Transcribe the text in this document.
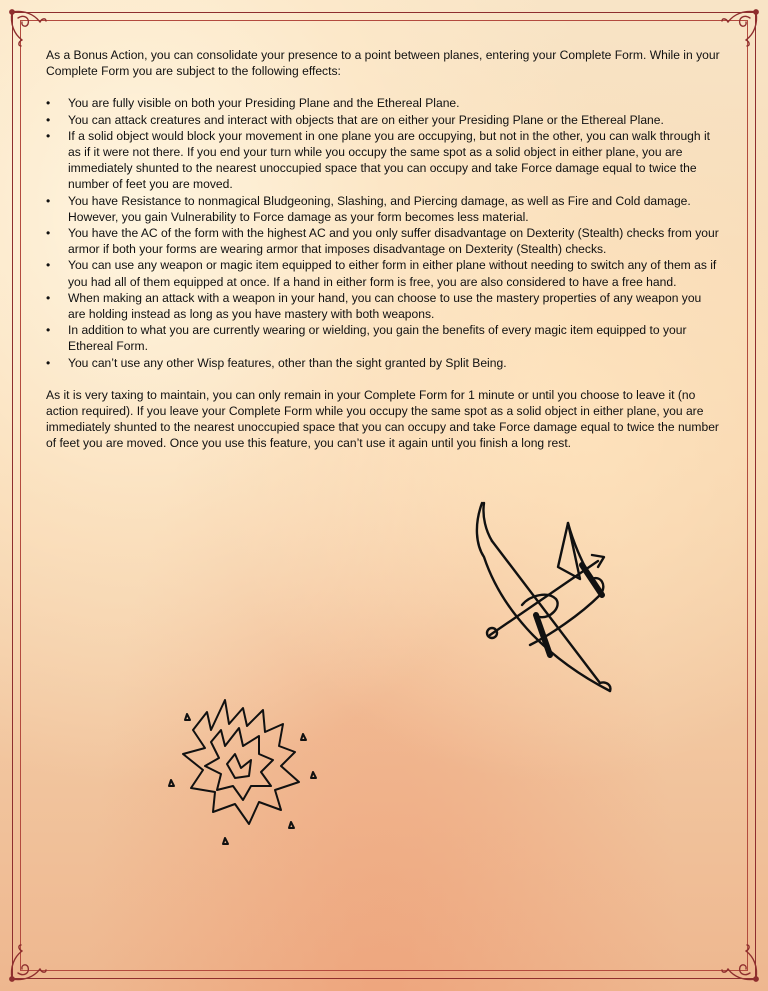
As a Bonus Action, you can consolidate your presence to a point between planes, entering your Complete Form. While in your Complete Form you are subject to the following effects:

• You are fully visible on both your Presiding Plane and the Ethereal Plane.
• You can attack creatures and interact with objects that are on either your Presiding Plane or the Ethereal Plane.
• If a solid object would block your movement in one plane you are occupying, but not in the other, you can walk through it as if it were not there. If you end your turn while you occupy the same spot as a solid object in either plane, you are immediately shunted to the nearest unoccupied space that you can occupy and take Force damage equal to twice the number of feet you are moved.
• You have Resistance to nonmagical Bludgeoning, Slashing, and Piercing damage, as well as Fire and Cold damage. However, you gain Vulnerability to Force damage as your form becomes less material.
• You have the AC of the form with the highest AC and you only suffer disadvantage on Dexterity (Stealth) checks from your armor if both your forms are wearing armor that imposes disadvantage on Dexterity (Stealth) checks.
• You can use any weapon or magic item equipped to either form in either plane without needing to switch any of them as if you had all of them equipped at once. If a hand in either form is free, you are also considered to have a free hand.
• When making an attack with a weapon in your hand, you can choose to use the mastery properties of any weapon you are holding instead as long as you have mastery with both weapons.
• In addition to what you are currently wearing or wielding, you gain the benefits of every magic item equipped to your Ethereal Form.
• You can’t use any other Wisp features, other than the sight granted by Split Being.

As it is very taxing to maintain, you can only remain in your Complete Form for 1 minute or until you choose to leave it (no action required). If you leave your Complete Form while you occupy the same spot as a solid object in either plane, you are immediately shunted to the nearest unoccupied space that you can occupy and take Force damage equal to twice the number of feet you are moved. Once you use this feature, you can’t use it again until you finish a long rest.
